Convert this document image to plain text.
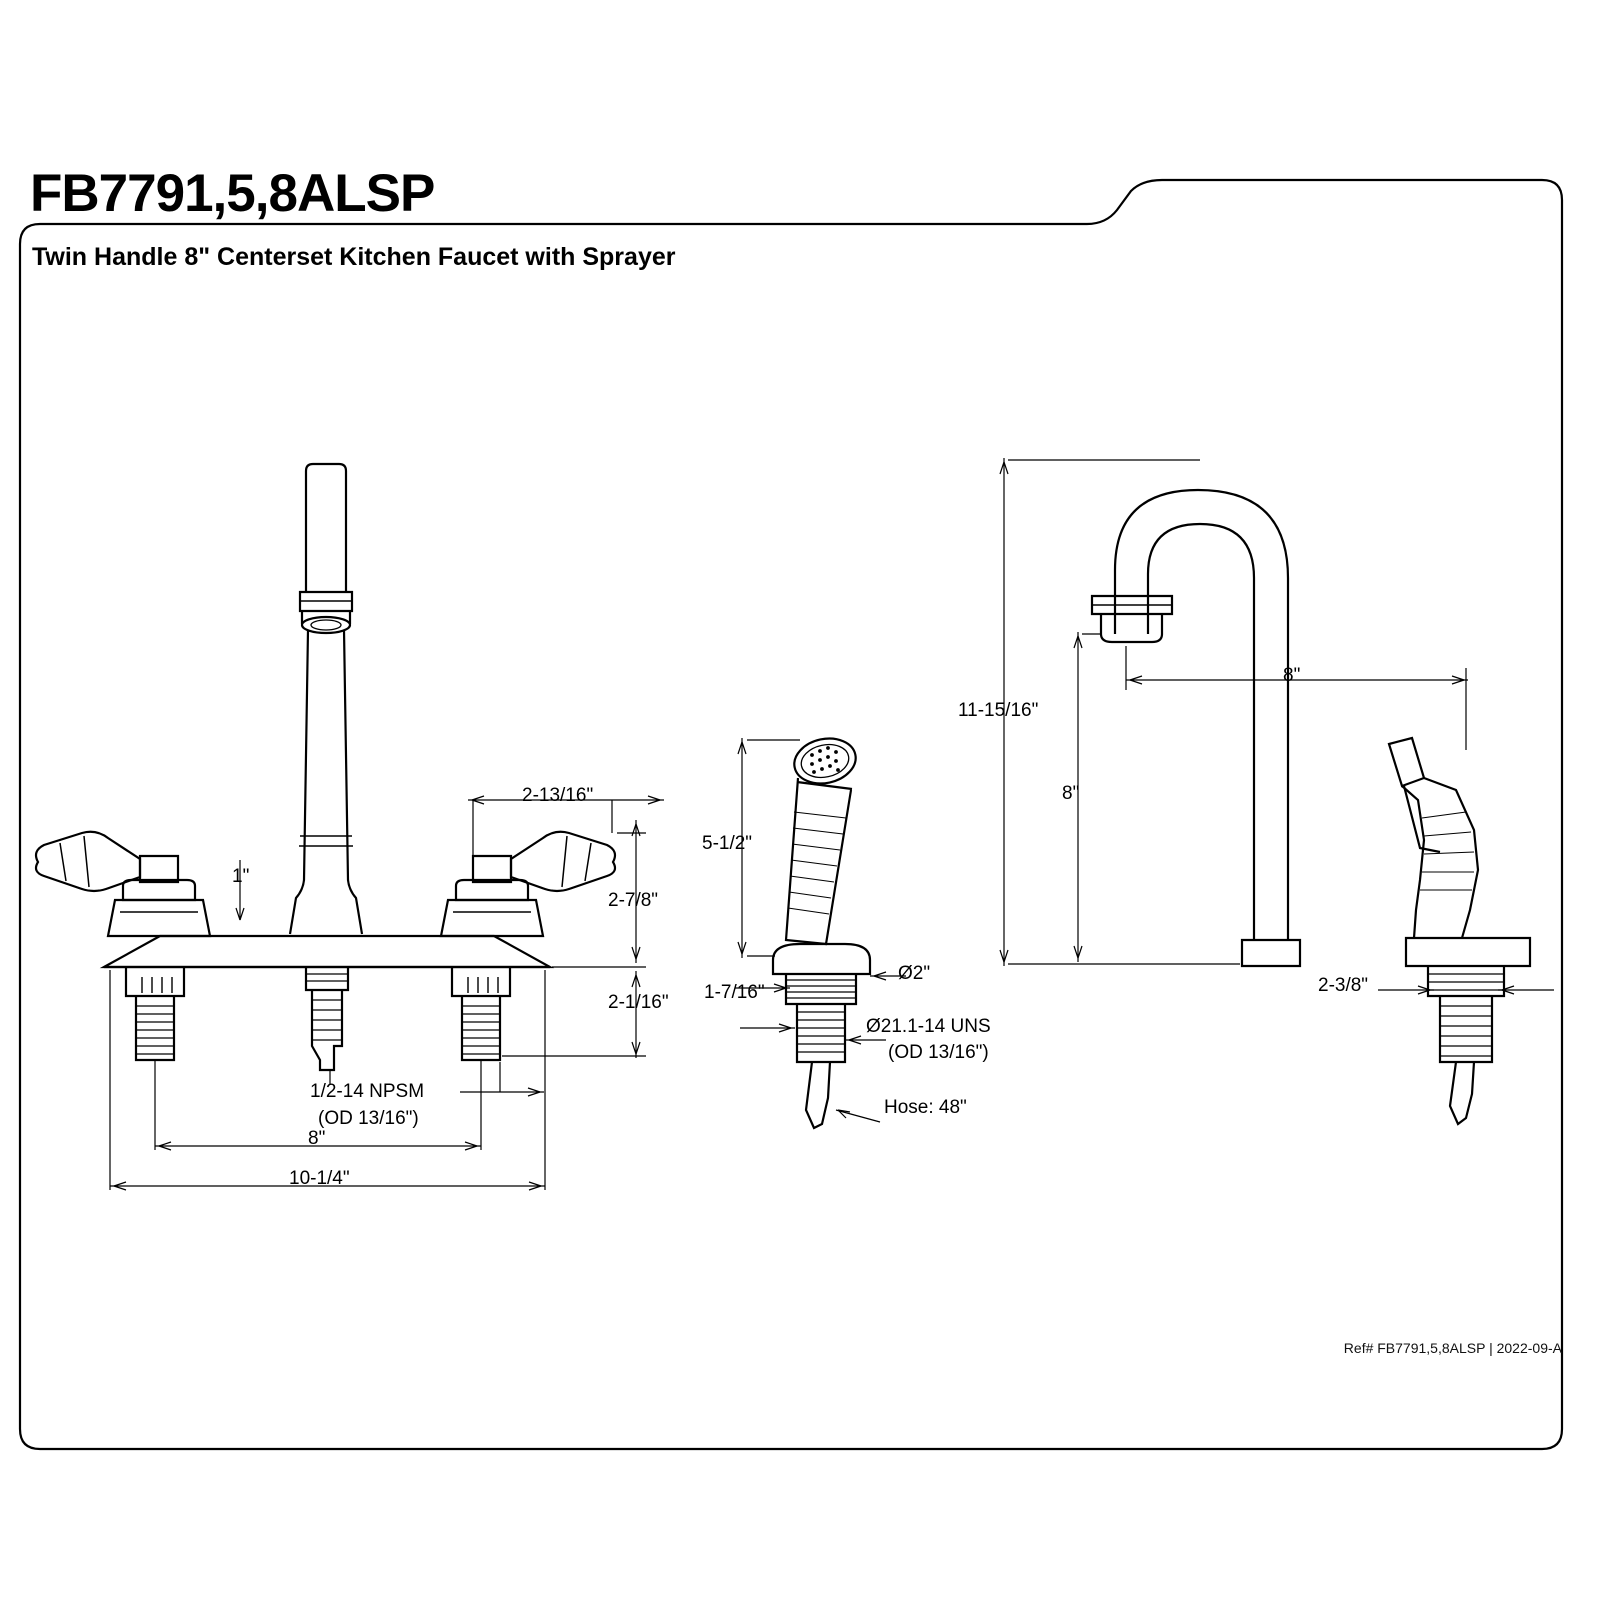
FB7791,5,8ALSP
Twin Handle 8" Centerset Kitchen Faucet with Sprayer
Ref# FB7791,5,8ALSP | 2022-09-A
1"
2-13/16"
2-7/8"
2-1/16"
1/2-14 NPSM
(OD 13/16")
8"
10-1/4"
5-1/2"
1-7/16"
Ø2"
Ø21.1-14 UNS
(OD 13/16")
Hose: 48"
11-15/16"
8"
8"
2-3/8"
